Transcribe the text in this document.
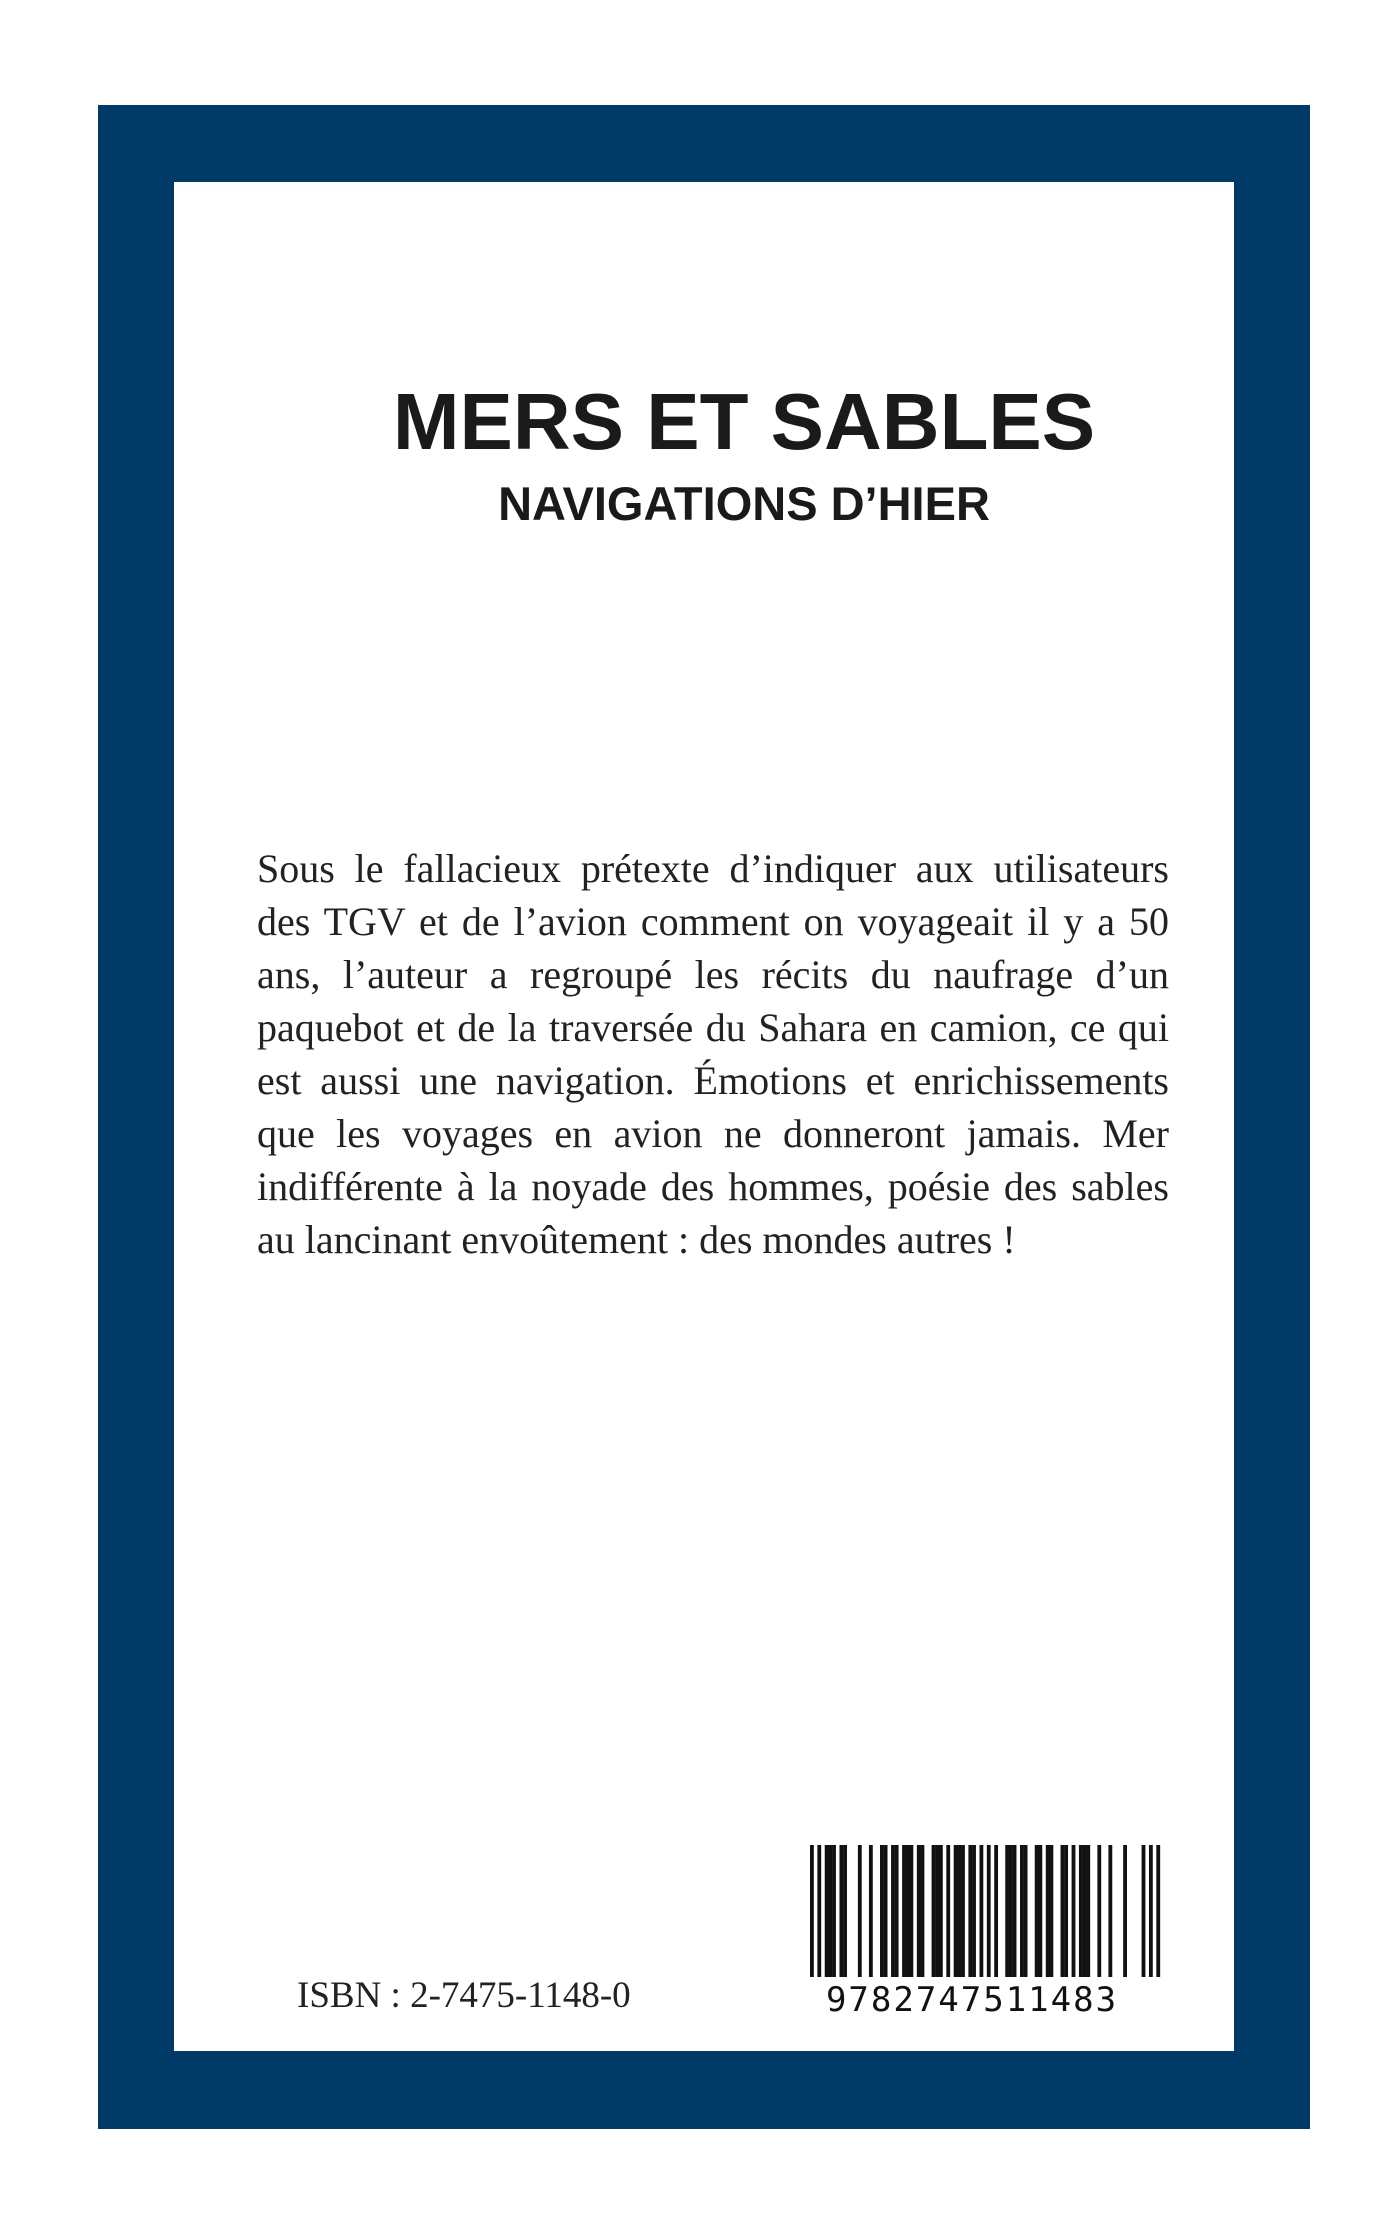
MERS ET SABLES
NAVIGATIONS D’HIER

Sous le fallacieux prétexte d’indiquer aux utilisateurs des TGV et de l’avion comment on voyageait il y a 50 ans, l’auteur a regroupé les récits du naufrage d’un paquebot et de la traversée du Sahara en camion, ce qui est aussi une navigation. Émotions et enrichissements que les voyages en avion ne donneront jamais. Mer indifférente à la noyade des hommes, poésie des sables au lancinant envoûtement : des mondes autres !

ISBN : 2-7475-1148-0	9782747511483
